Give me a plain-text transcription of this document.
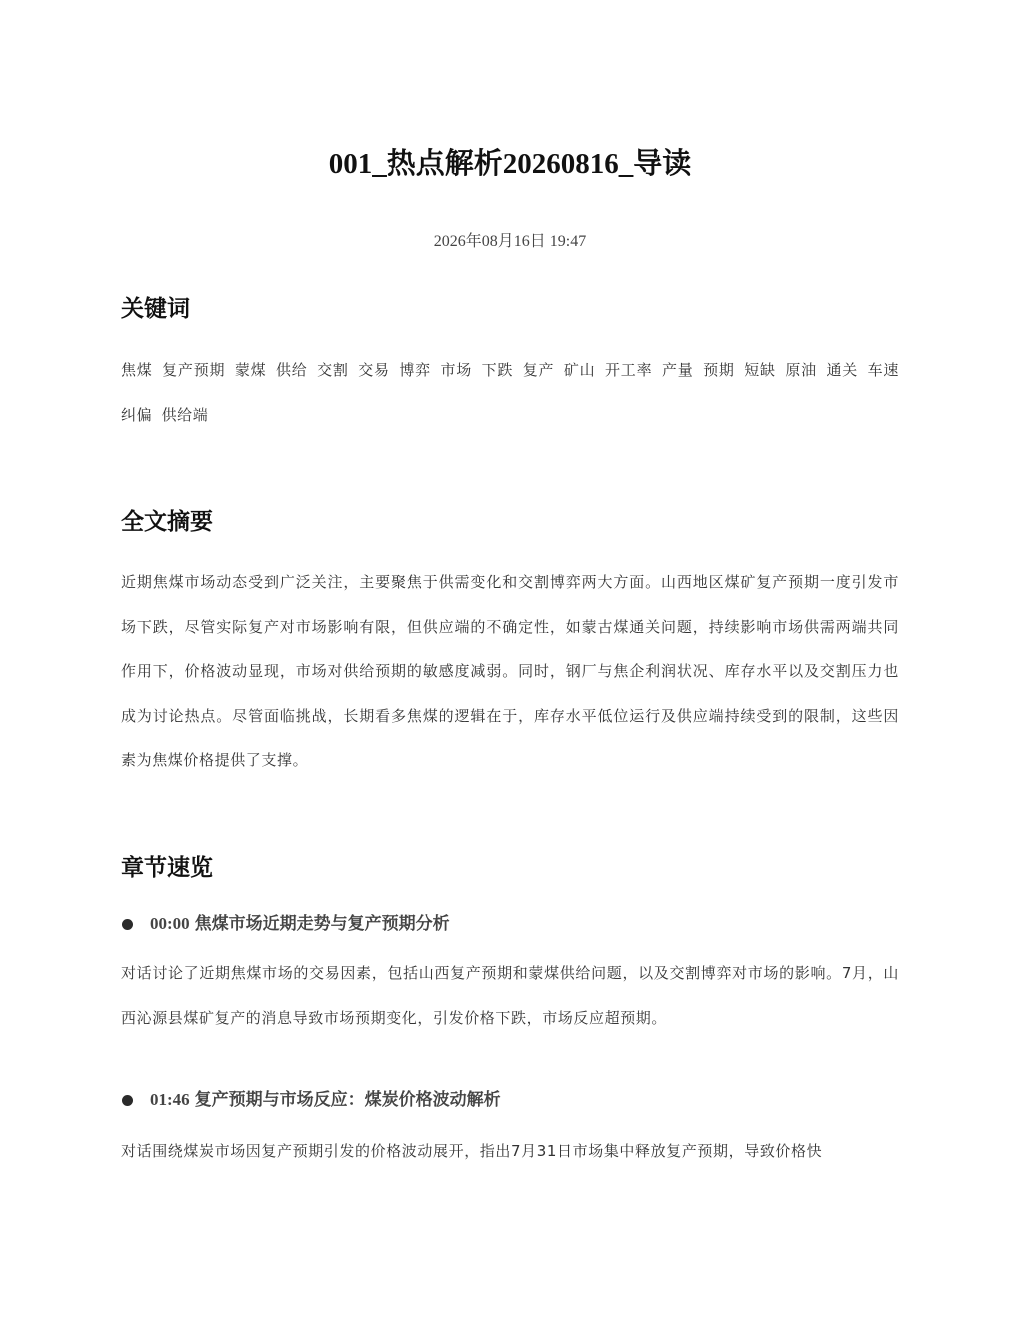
001_热点解析20260816_导读
2026年08月16日 19:47
关键词
焦煤 复产预期 蒙煤 供给 交割 交易 博弈 市场 下跌 复产 矿山 开工率 产量 预期 短缺 原油 通关 车速 纠偏 供给端
全文摘要
近期焦煤市场动态受到广泛关注，主要聚焦于供需变化和交割博弈两大方面。山西地区煤矿复产预期一度引发市场下跌，尽管实际复产对市场影响有限，但供应端的不确定性，如蒙古煤通关问题，持续影响市场供需两端共同作用下，价格波动显现，市场对供给预期的敏感度减弱。同时，钢厂与焦企利润状况、库存水平以及交割压力也成为讨论热点。尽管面临挑战，长期看多焦煤的逻辑在于，库存水平低位运行及供应端持续受到的限制，这些因素为焦煤价格提供了支撑。
章节速览
00:00 焦煤市场近期走势与复产预期分析
对话讨论了近期焦煤市场的交易因素，包括山西复产预期和蒙煤供给问题，以及交割博弈对市场的影响。7月，山西沁源县煤矿复产的消息导致市场预期变化，引发价格下跌，市场反应超预期。
01:46 复产预期与市场反应：煤炭价格波动解析
对话围绕煤炭市场因复产预期引发的价格波动展开，指出7月31日市场集中释放复产预期，导致价格快
